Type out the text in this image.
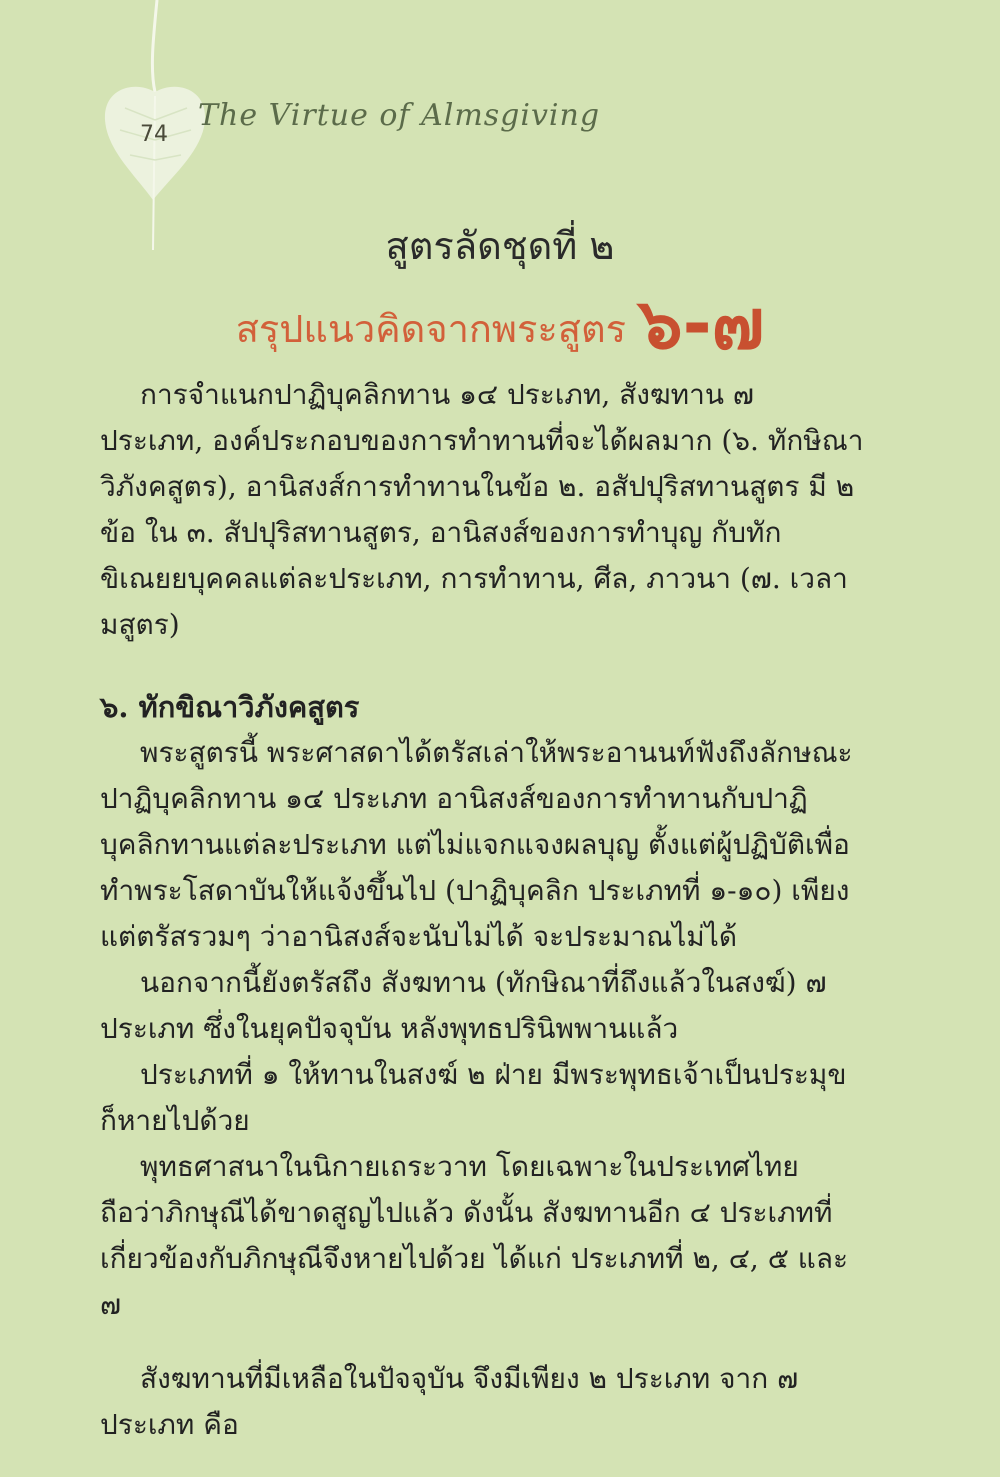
74
The Virtue of Almsgiving
สูตรลัดชุดที่ ๒
สรุปแนวคิดจากพระสูตร ๖-๗

การจำแนกปาฏิบุคลิกทาน ๑๔ ประเภท, สังฆทาน ๗ ประเภท, องค์ประกอบของการทำทานที่จะได้ผลมาก (๖. ทักษิณาวิภังคสูตร), อานิสงส์การทำทานในข้อ ๒. อสัปปุริสทานสูตร มี ๒ ข้อ ใน ๓. สัปปุริสทานสูตร, อานิสงส์ของการทำบุญ กับทักขิเณยยบุคคลแต่ละประเภท, การทำทาน, ศีล, ภาวนา (๗. เวลามสูตร)

๖. ทักขิณาวิภังคสูตร

พระสูตรนี้ พระศาสดาได้ตรัสเล่าให้พระอานนท์ฟังถึงลักษณะปาฏิบุคลิกทาน ๑๔ ประเภท อานิสงส์ของการทำทานกับปาฏิบุคลิกทานแต่ละประเภท แต่ไม่แจกแจงผลบุญ ตั้งแต่ผู้ปฏิบัติเพื่อทำพระโสดาบันให้แจ้งขึ้นไป (ปาฏิบุคลิก ประเภทที่ ๑-๑๐) เพียงแต่ตรัสรวมๆ ว่าอานิสงส์จะนับไม่ได้ จะประมาณไม่ได้

นอกจากนี้ยังตรัสถึง สังฆทาน (ทักษิณาที่ถึงแล้วในสงฆ์) ๗ ประเภท ซึ่งในยุคปัจจุบัน หลังพุทธปรินิพพานแล้ว

ประเภทที่ ๑ ให้ทานในสงฆ์ ๒ ฝ่าย มีพระพุทธเจ้าเป็นประมุข ก็หายไปด้วย

พุทธศาสนาในนิกายเถระวาท โดยเฉพาะในประเทศไทย ถือว่าภิกษุณีได้ขาดสูญไปแล้ว ดังนั้น สังฆทานอีก ๔ ประเภทที่เกี่ยวข้องกับภิกษุณีจึงหายไปด้วย ได้แก่ ประเภทที่ ๒, ๔, ๕ และ ๗

สังฆทานที่มีเหลือในปัจจุบัน จึงมีเพียง ๒ ประเภท จาก ๗ ประเภท คือ
